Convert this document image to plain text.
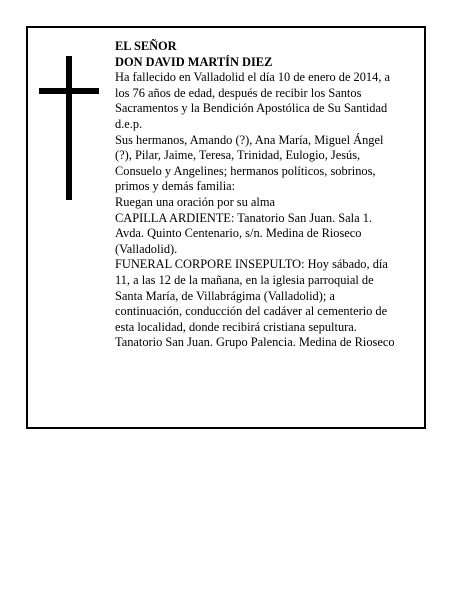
EL SEÑOR
DON DAVID MARTÍN DIEZ
Ha fallecido en Valladolid el día 10 de enero de 2014, a
los 76 años de edad, después de recibir los Santos
Sacramentos y la Bendición Apostólica de Su Santidad
d.e.p.
Sus hermanos, Amando (?), Ana María, Miguel Ángel
(?), Pilar, Jaime, Teresa, Trinidad, Eulogio, Jesús,
Consuelo y Angelines; hermanos políticos, sobrinos,
primos y demás familia:
Ruegan una oración por su alma
CAPILLA ARDIENTE: Tanatorio San Juan. Sala 1.
Avda. Quinto Centenario, s/n. Medina de Rioseco
(Valladolid).
FUNERAL CORPORE INSEPULTO: Hoy sábado, día
11, a las 12 de la mañana, en la iglesia parroquial de
Santa María, de Villabrágima (Valladolid); a
continuación, conducción del cadáver al cementerio de
esta localidad, donde recibirá cristiana sepultura.
Tanatorio San Juan. Grupo Palencia. Medina de Rioseco
